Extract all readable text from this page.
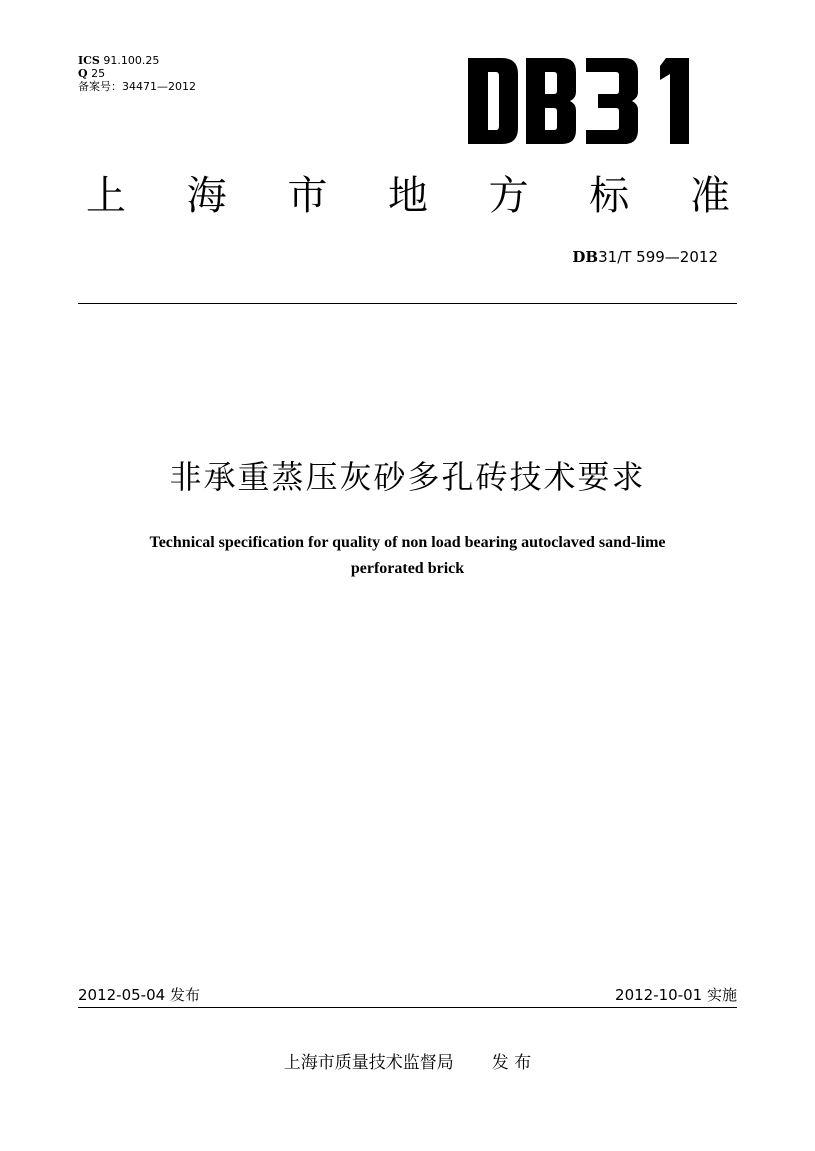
ICS 91.100.25
Q 25
备案号：34471—2012
上 海 市 地 方 标 准
DB31/T 599—2012
非承重蒸压灰砂多孔砖技术要求
Technical specification for quality of non load bearing autoclaved sand-lime
perforated brick
2012-05-04 发布	2012-10-01 实施
上海市质量技术监督局 发 布
